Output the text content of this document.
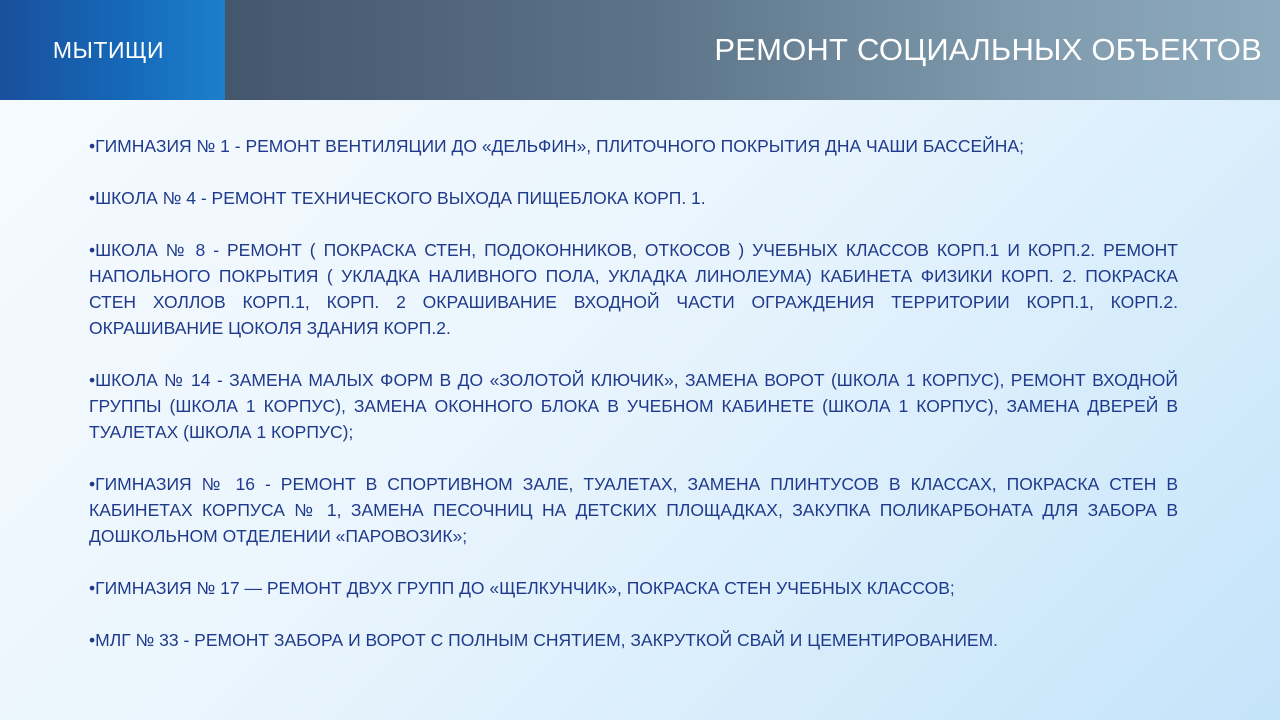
МЫТИЩИ	РЕМОНТ СОЦИАЛЬНЫХ ОБЪЕКТОВ

•ГИМНАЗИЯ № 1 - РЕМОНТ ВЕНТИЛЯЦИИ ДО «ДЕЛЬФИН», ПЛИТОЧНОГО ПОКРЫТИЯ ДНА ЧАШИ БАССЕЙНА;

•ШКОЛА № 4 - РЕМОНТ ТЕХНИЧЕСКОГО ВЫХОДА ПИЩЕБЛОКА КОРП. 1.

•ШКОЛА № 8 - РЕМОНТ ( ПОКРАСКА СТЕН, ПОДОКОННИКОВ, ОТКОСОВ ) УЧЕБНЫХ КЛАССОВ КОРП.1 И КОРП.2. РЕМОНТ НАПОЛЬНОГО ПОКРЫТИЯ ( УКЛАДКА НАЛИВНОГО ПОЛА, УКЛАДКА ЛИНОЛЕУМА) КАБИНЕТА ФИЗИКИ КОРП. 2. ПОКРАСКА СТЕН ХОЛЛОВ КОРП.1, КОРП. 2 ОКРАШИВАНИЕ ВХОДНОЙ ЧАСТИ ОГРАЖДЕНИЯ ТЕРРИТОРИИ КОРП.1, КОРП.2. ОКРАШИВАНИЕ ЦОКОЛЯ ЗДАНИЯ КОРП.2.

•ШКОЛА № 14 - ЗАМЕНА МАЛЫХ ФОРМ В ДО «ЗОЛОТОЙ КЛЮЧИК», ЗАМЕНА ВОРОТ (ШКОЛА 1 КОРПУС), РЕМОНТ ВХОДНОЙ ГРУППЫ (ШКОЛА 1 КОРПУС), ЗАМЕНА ОКОННОГО БЛОКА В УЧЕБНОМ КАБИНЕТЕ (ШКОЛА 1 КОРПУС), ЗАМЕНА ДВЕРЕЙ В ТУАЛЕТАХ (ШКОЛА 1 КОРПУС);

•ГИМНАЗИЯ № 16 - РЕМОНТ В СПОРТИВНОМ ЗАЛЕ, ТУАЛЕТАХ, ЗАМЕНА ПЛИНТУСОВ В КЛАССАХ, ПОКРАСКА СТЕН В КАБИНЕТАХ КОРПУСА № 1, ЗАМЕНА ПЕСОЧНИЦ НА ДЕТСКИХ ПЛОЩАДКАХ, ЗАКУПКА ПОЛИКАРБОНАТА ДЛЯ ЗАБОРА В ДОШКОЛЬНОМ ОТДЕЛЕНИИ «ПАРОВОЗИК»;

•ГИМНАЗИЯ № 17 — РЕМОНТ ДВУХ ГРУПП ДО «ЩЕЛКУНЧИК», ПОКРАСКА СТЕН УЧЕБНЫХ КЛАССОВ;

•МЛГ № 33 - РЕМОНТ ЗАБОРА И ВОРОТ С ПОЛНЫМ СНЯТИЕМ, ЗАКРУТКОЙ СВАЙ И ЦЕМЕНТИРОВАНИЕМ.
